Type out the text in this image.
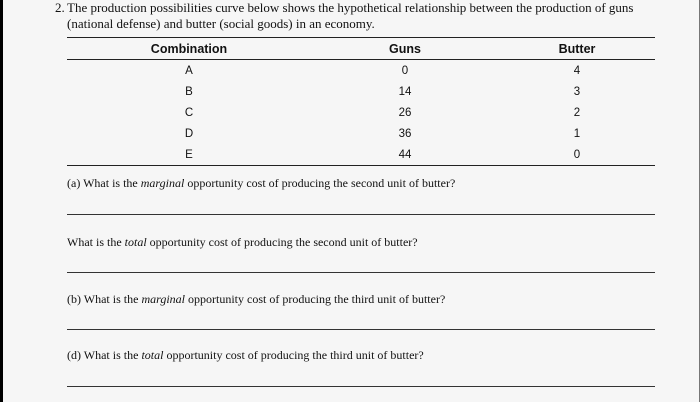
2. The production possibilities curve below shows the hypothetical relationship between the production of guns (national defense) and butter (social goods) in an economy.
Combination	Guns	Butter
A	0	4
B	14	3
C	26	2
D	36	1
E	44	0
(a) What is the marginal opportunity cost of producing the second unit of butter?
What is the total opportunity cost of producing the second unit of butter?
(b) What is the marginal opportunity cost of producing the third unit of butter?
(d) What is the total opportunity cost of producing the third unit of butter?
